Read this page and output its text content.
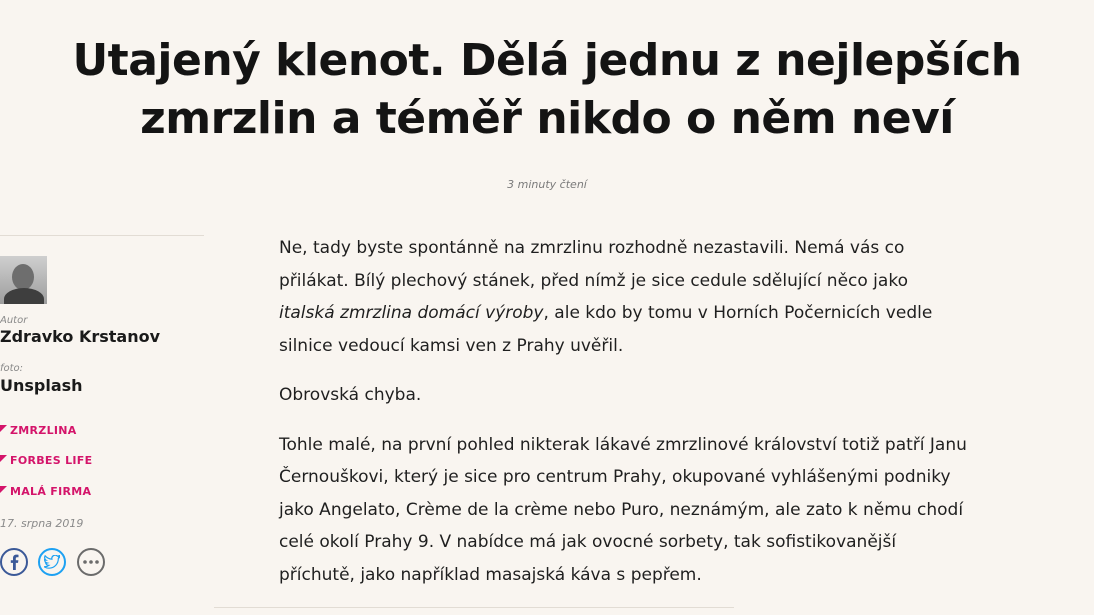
Utajený klenot. Dělá jednu z nejlepších zmrzlin a téměř nikdo o něm neví
3 minuty čtení
Autor
Zdravko Krstanov
foto:
Unsplash
ZMRZLINA
FORBES LIFE
MALÁ FIRMA
17. srpna 2019

Ne, tady byste spontánně na zmrzlinu rozhodně nezastavili. Nemá vás co přilákat. Bílý plechový stánek, před nímž je sice cedule sdělující něco jako italská zmrzlina domácí výroby, ale kdo by tomu v Horních Počernicích vedle silnice vedoucí kamsi ven z Prahy uvěřil.

Obrovská chyba.

Tohle malé, na první pohled nikterak lákavé zmrzlinové království totiž patří Janu Černouškovi, který je sice pro centrum Prahy, okupované vyhlášenými podniky jako Angelato, Crème de la crème nebo Puro, neznámým, ale zato k němu chodí celé okolí Prahy 9. V nabídce má jak ovocné sorbety, tak sofistikovanější příchutě, jako například masajská káva s pepřem.
